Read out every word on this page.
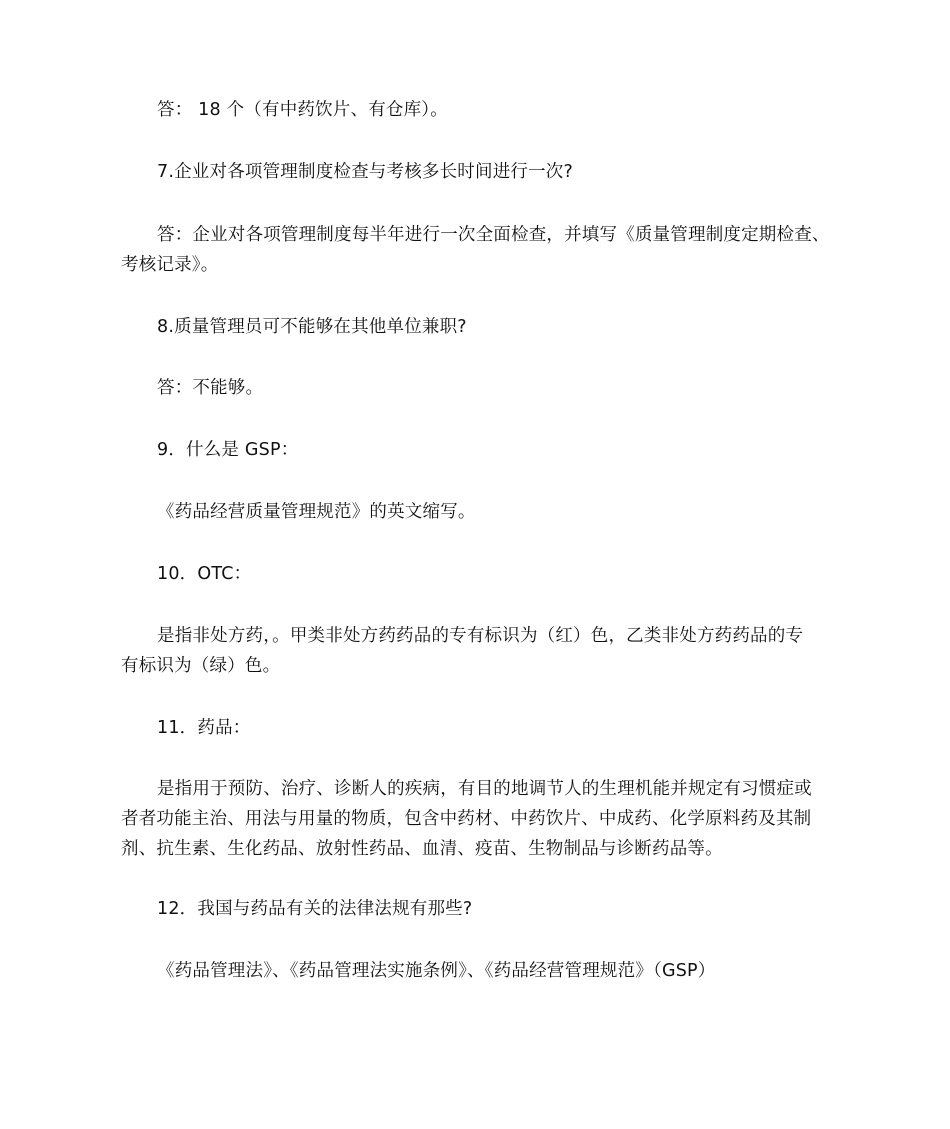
答： 18 个（有中药饮片、有仓库）。
7.企业对各项管理制度检查与考核多长时间进行一次?
答：企业对各项管理制度每半年进行一次全面检查，并填写《质量管理制度定期检查、
考核记录》。
8.质量管理员可不能够在其他单位兼职?
答：不能够。
9．什么是 GSP：
《药品经营质量管理规范》的英文缩写。
10．OTC：
是指非处方药，。甲类非处方药药品的专有标识为（红）色，乙类非处方药药品的专
有标识为（绿）色。
11．药品：
是指用于预防、治疗、诊断人的疾病，有目的地调节人的生理机能并规定有习惯症或
者者功能主治、用法与用量的物质，包含中药材、中药饮片、中成药、化学原料药及其制
剂、抗生素、生化药品、放射性药品、血清、疫苗、生物制品与诊断药品等。
12．我国与药品有关的法律法规有那些?
《药品管理法》、《药品管理法实施条例》、《药品经营管理规范》（GSP）
